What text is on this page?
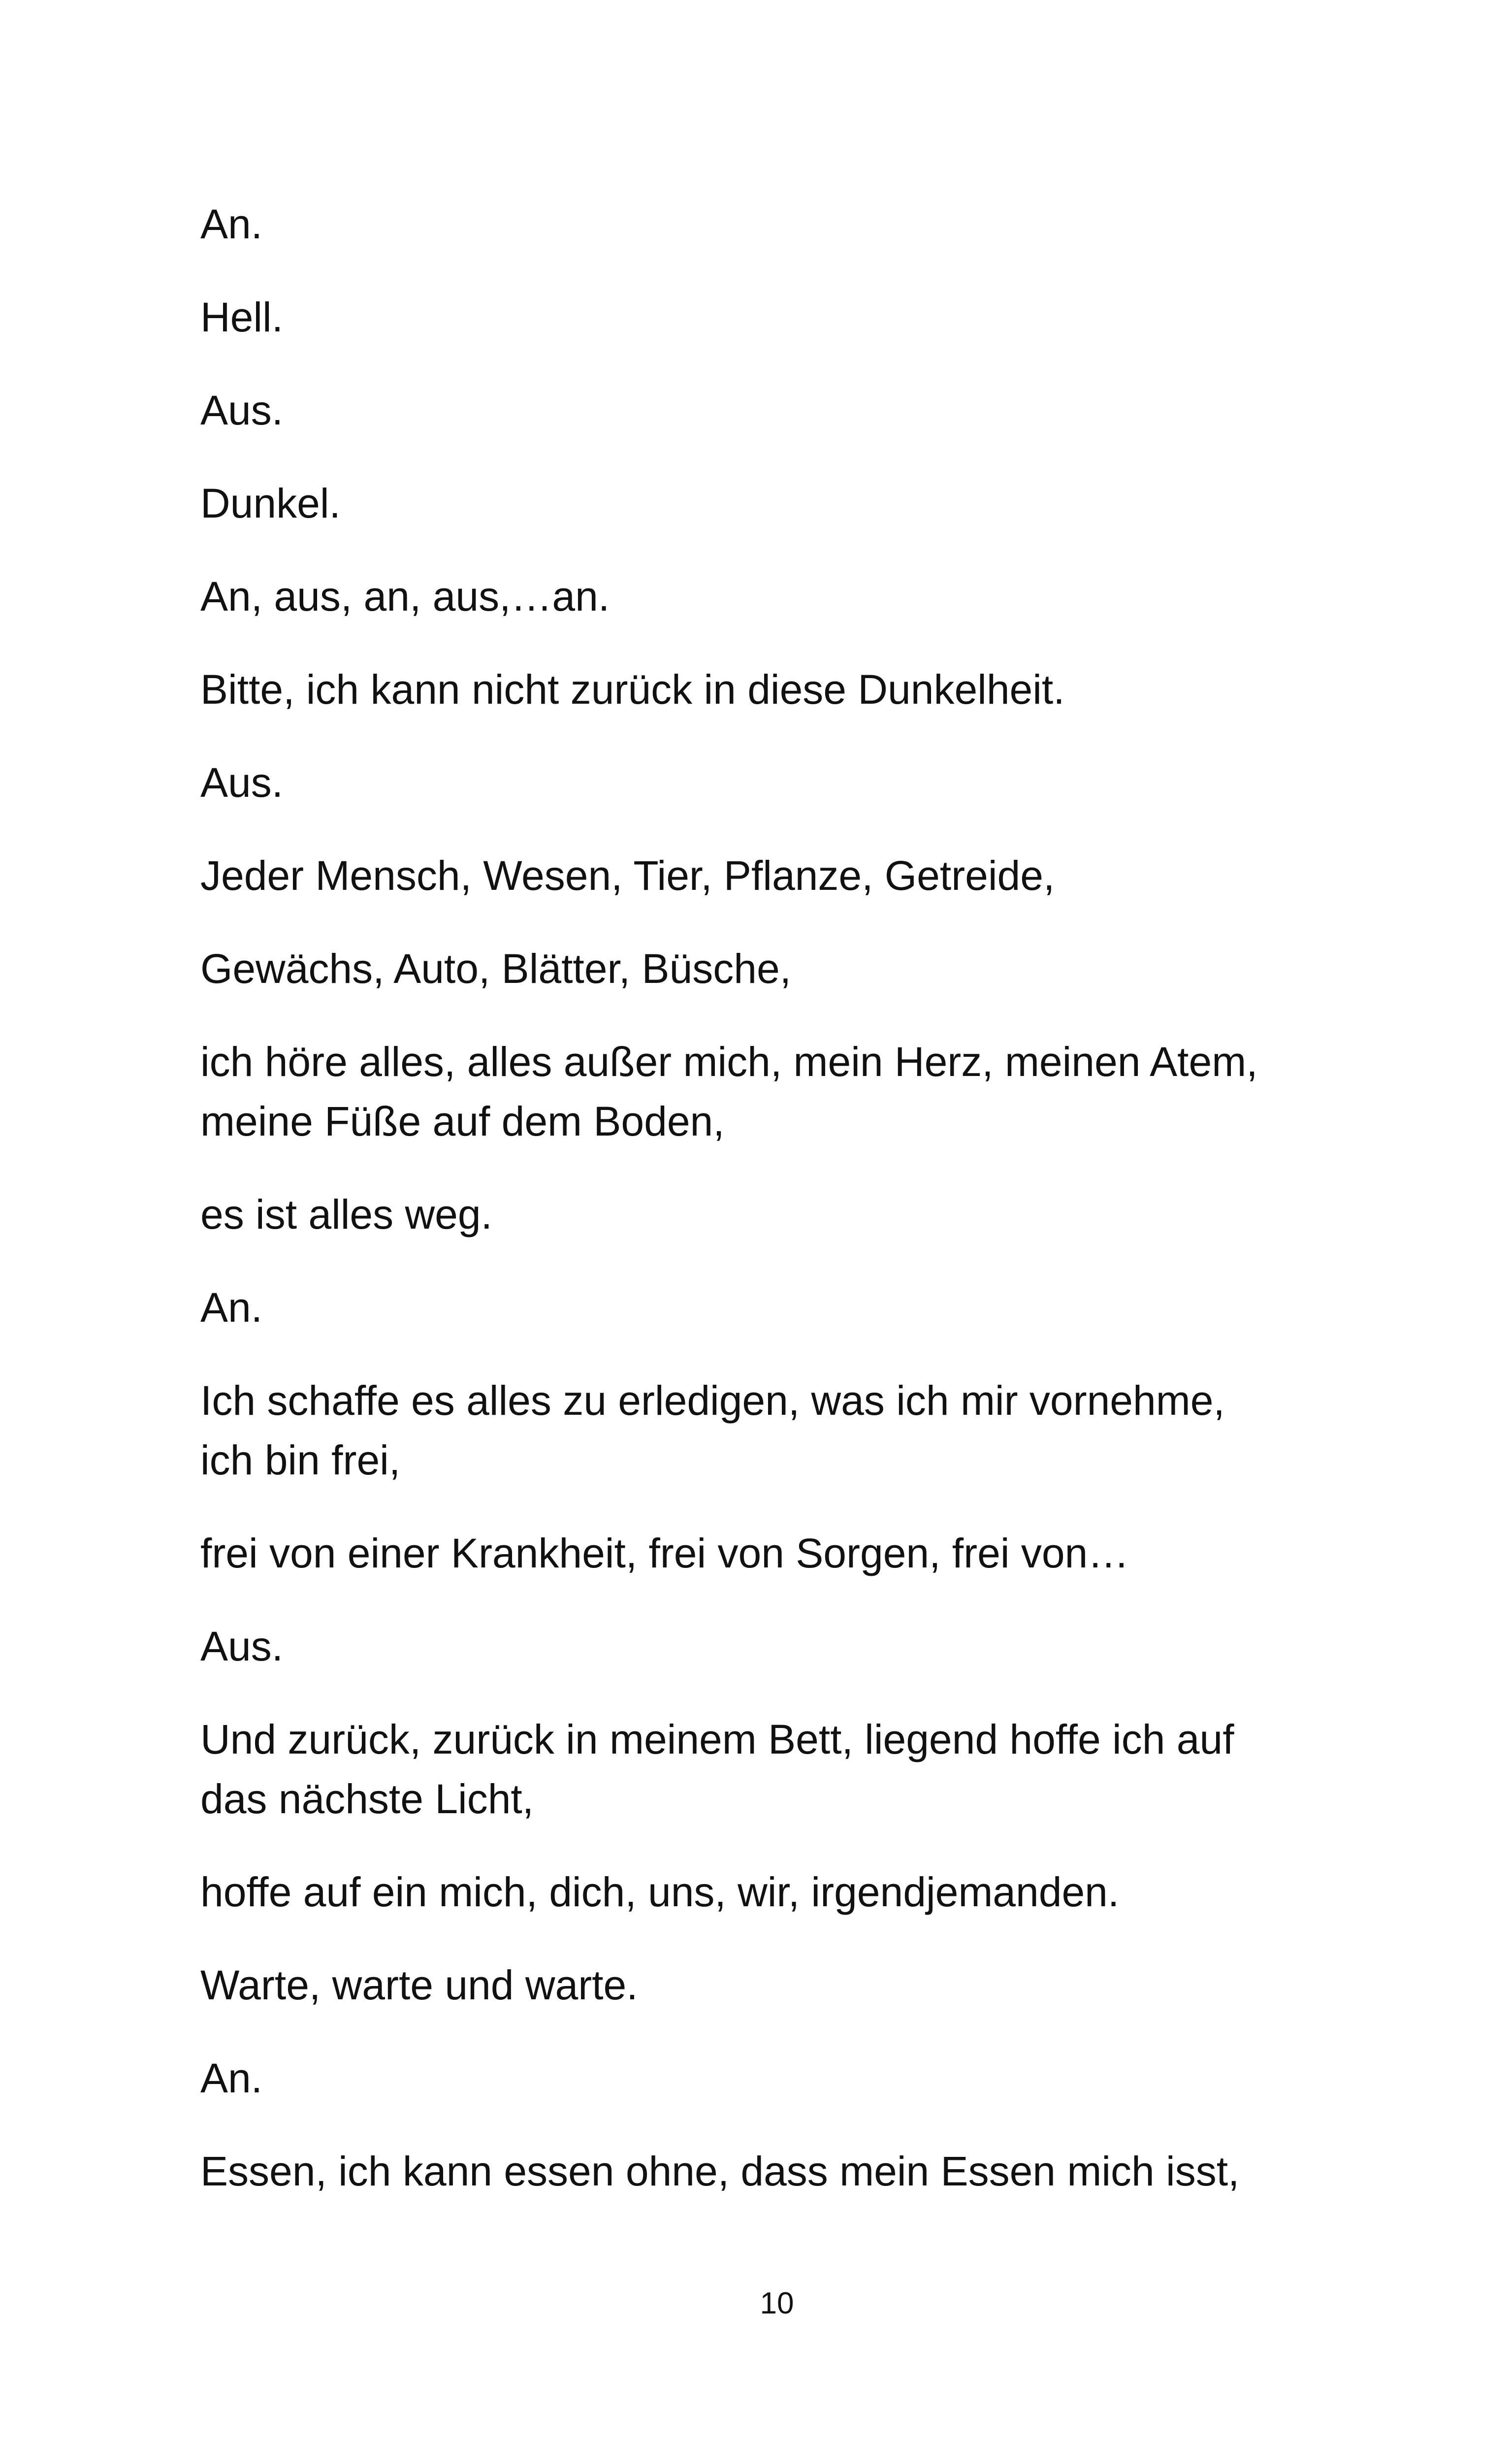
An.

Hell.

Aus.

Dunkel.

An, aus, an, aus,…an.

Bitte, ich kann nicht zurück in diese Dunkelheit.

Aus.

Jeder Mensch, Wesen, Tier, Pflanze, Getreide,

Gewächs, Auto, Blätter, Büsche,

ich höre alles, alles außer mich, mein Herz, meinen Atem,
meine Füße auf dem Boden,

es ist alles weg.

An.

Ich schaffe es alles zu erledigen, was ich mir vornehme,
ich bin frei,

frei von einer Krankheit, frei von Sorgen, frei von…

Aus.

Und zurück, zurück in meinem Bett, liegend hoffe ich auf
das nächste Licht,

hoffe auf ein mich, dich, uns, wir, irgendjemanden.

Warte, warte und warte.

An.

Essen, ich kann essen ohne, dass mein Essen mich isst,

10
